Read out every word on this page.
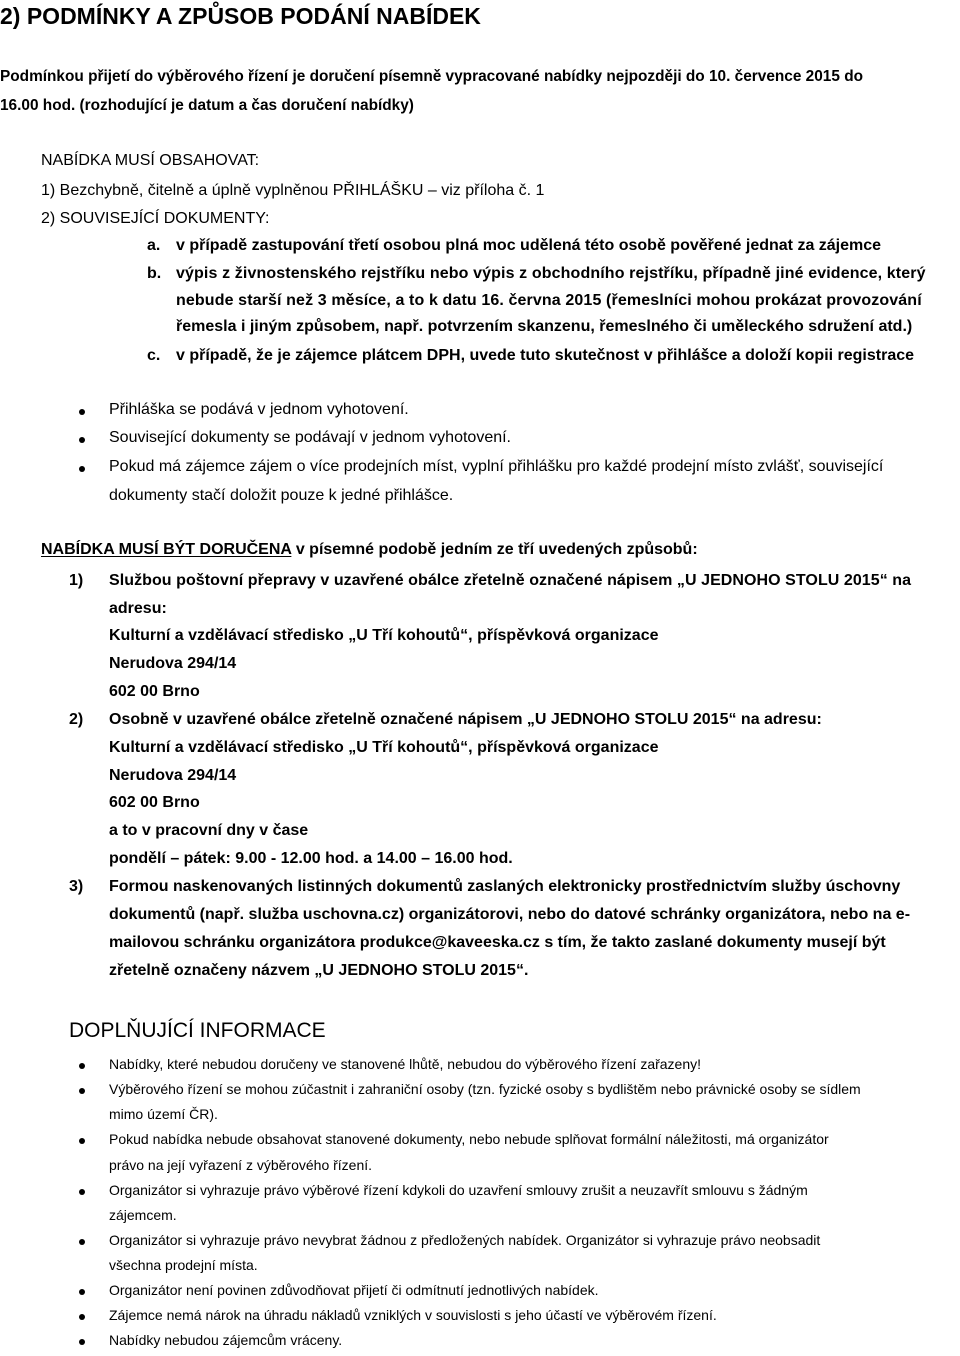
2) PODMÍNKY A ZPŮSOB PODÁNÍ NABÍDEK
Podmínkou přijetí do výběrového řízení je doručení písemně vypracované nabídky nejpozději do 10. července 2015 do
16.00 hod. (rozhodující je datum a čas doručení nabídky)
NABÍDKA MUSÍ OBSAHOVAT:
1) Bezchybně, čitelně a úplně vyplněnou PŘIHLÁŠKU – viz příloha č. 1
2) SOUVISEJÍCÍ DOKUMENTY:
a. v případě zastupování třetí osobou plná moc udělená této osobě pověřené jednat za zájemce
b. výpis z živnostenského rejstříku nebo výpis z obchodního rejstříku, případně jiné evidence, který
nebude starší než 3 měsíce, a to k datu 16. června 2015 (řemeslníci mohou prokázat provozování
řemesla i jiným způsobem, např. potvrzením skanzenu, řemeslného či uměleckého sdružení atd.)
c. v případě, že je zájemce plátcem DPH, uvede tuto skutečnost v přihlášce a doloží kopii registrace
Přihláška se podává v jednom vyhotovení.
Související dokumenty se podávají v jednom vyhotovení.
Pokud má zájemce zájem o více prodejních míst, vyplní přihlášku pro každé prodejní místo zvlášť, související
dokumenty stačí doložit pouze k jedné přihlášce.
NABÍDKA MUSÍ BÝT DORUČENA v písemné podobě jedním ze tří uvedených způsobů:
1) Službou poštovní přepravy v uzavřené obálce zřetelně označené nápisem „U JEDNOHO STOLU 2015“ na
adresu:
Kulturní a vzdělávací středisko „U Tří kohoutů“, příspěvková organizace
Nerudova 294/14
602 00 Brno
2) Osobně v uzavřené obálce zřetelně označené nápisem „U JEDNOHO STOLU 2015“ na adresu:
Kulturní a vzdělávací středisko „U Tří kohoutů“, příspěvková organizace
Nerudova 294/14
602 00 Brno
a to v pracovní dny v čase
pondělí – pátek: 9.00 - 12.00 hod. a 14.00 – 16.00 hod.
3) Formou naskenovaných listinných dokumentů zaslaných elektronicky prostřednictvím služby úschovny
dokumentů (např. služba uschovna.cz) organizátorovi, nebo do datové schránky organizátora, nebo na e-
mailovou schránku organizátora produkce@kaveeska.cz s tím, že takto zaslané dokumenty musejí být
zřetelně označeny názvem „U JEDNOHO STOLU 2015“.
DOPLŇUJÍCÍ INFORMACE
Nabídky, které nebudou doručeny ve stanovené lhůtě, nebudou do výběrového řízení zařazeny!
Výběrového řízení se mohou zúčastnit i zahraniční osoby (tzn. fyzické osoby s bydlištěm nebo právnické osoby se sídlem
mimo území ČR).
Pokud nabídka nebude obsahovat stanovené dokumenty, nebo nebude splňovat formální náležitosti, má organizátor
právo na její vyřazení z výběrového řízení.
Organizátor si vyhrazuje právo výběrové řízení kdykoli do uzavření smlouvy zrušit a neuzavřít smlouvu s žádným
zájemcem.
Organizátor si vyhrazuje právo nevybrat žádnou z předložených nabídek. Organizátor si vyhrazuje právo neobsadit
všechna prodejní místa.
Organizátor není povinen zdůvodňovat přijetí či odmítnutí jednotlivých nabídek.
Zájemce nemá nárok na úhradu nákladů vzniklých v souvislosti s jeho účastí ve výběrovém řízení.
Nabídky nebudou zájemcům vráceny.
